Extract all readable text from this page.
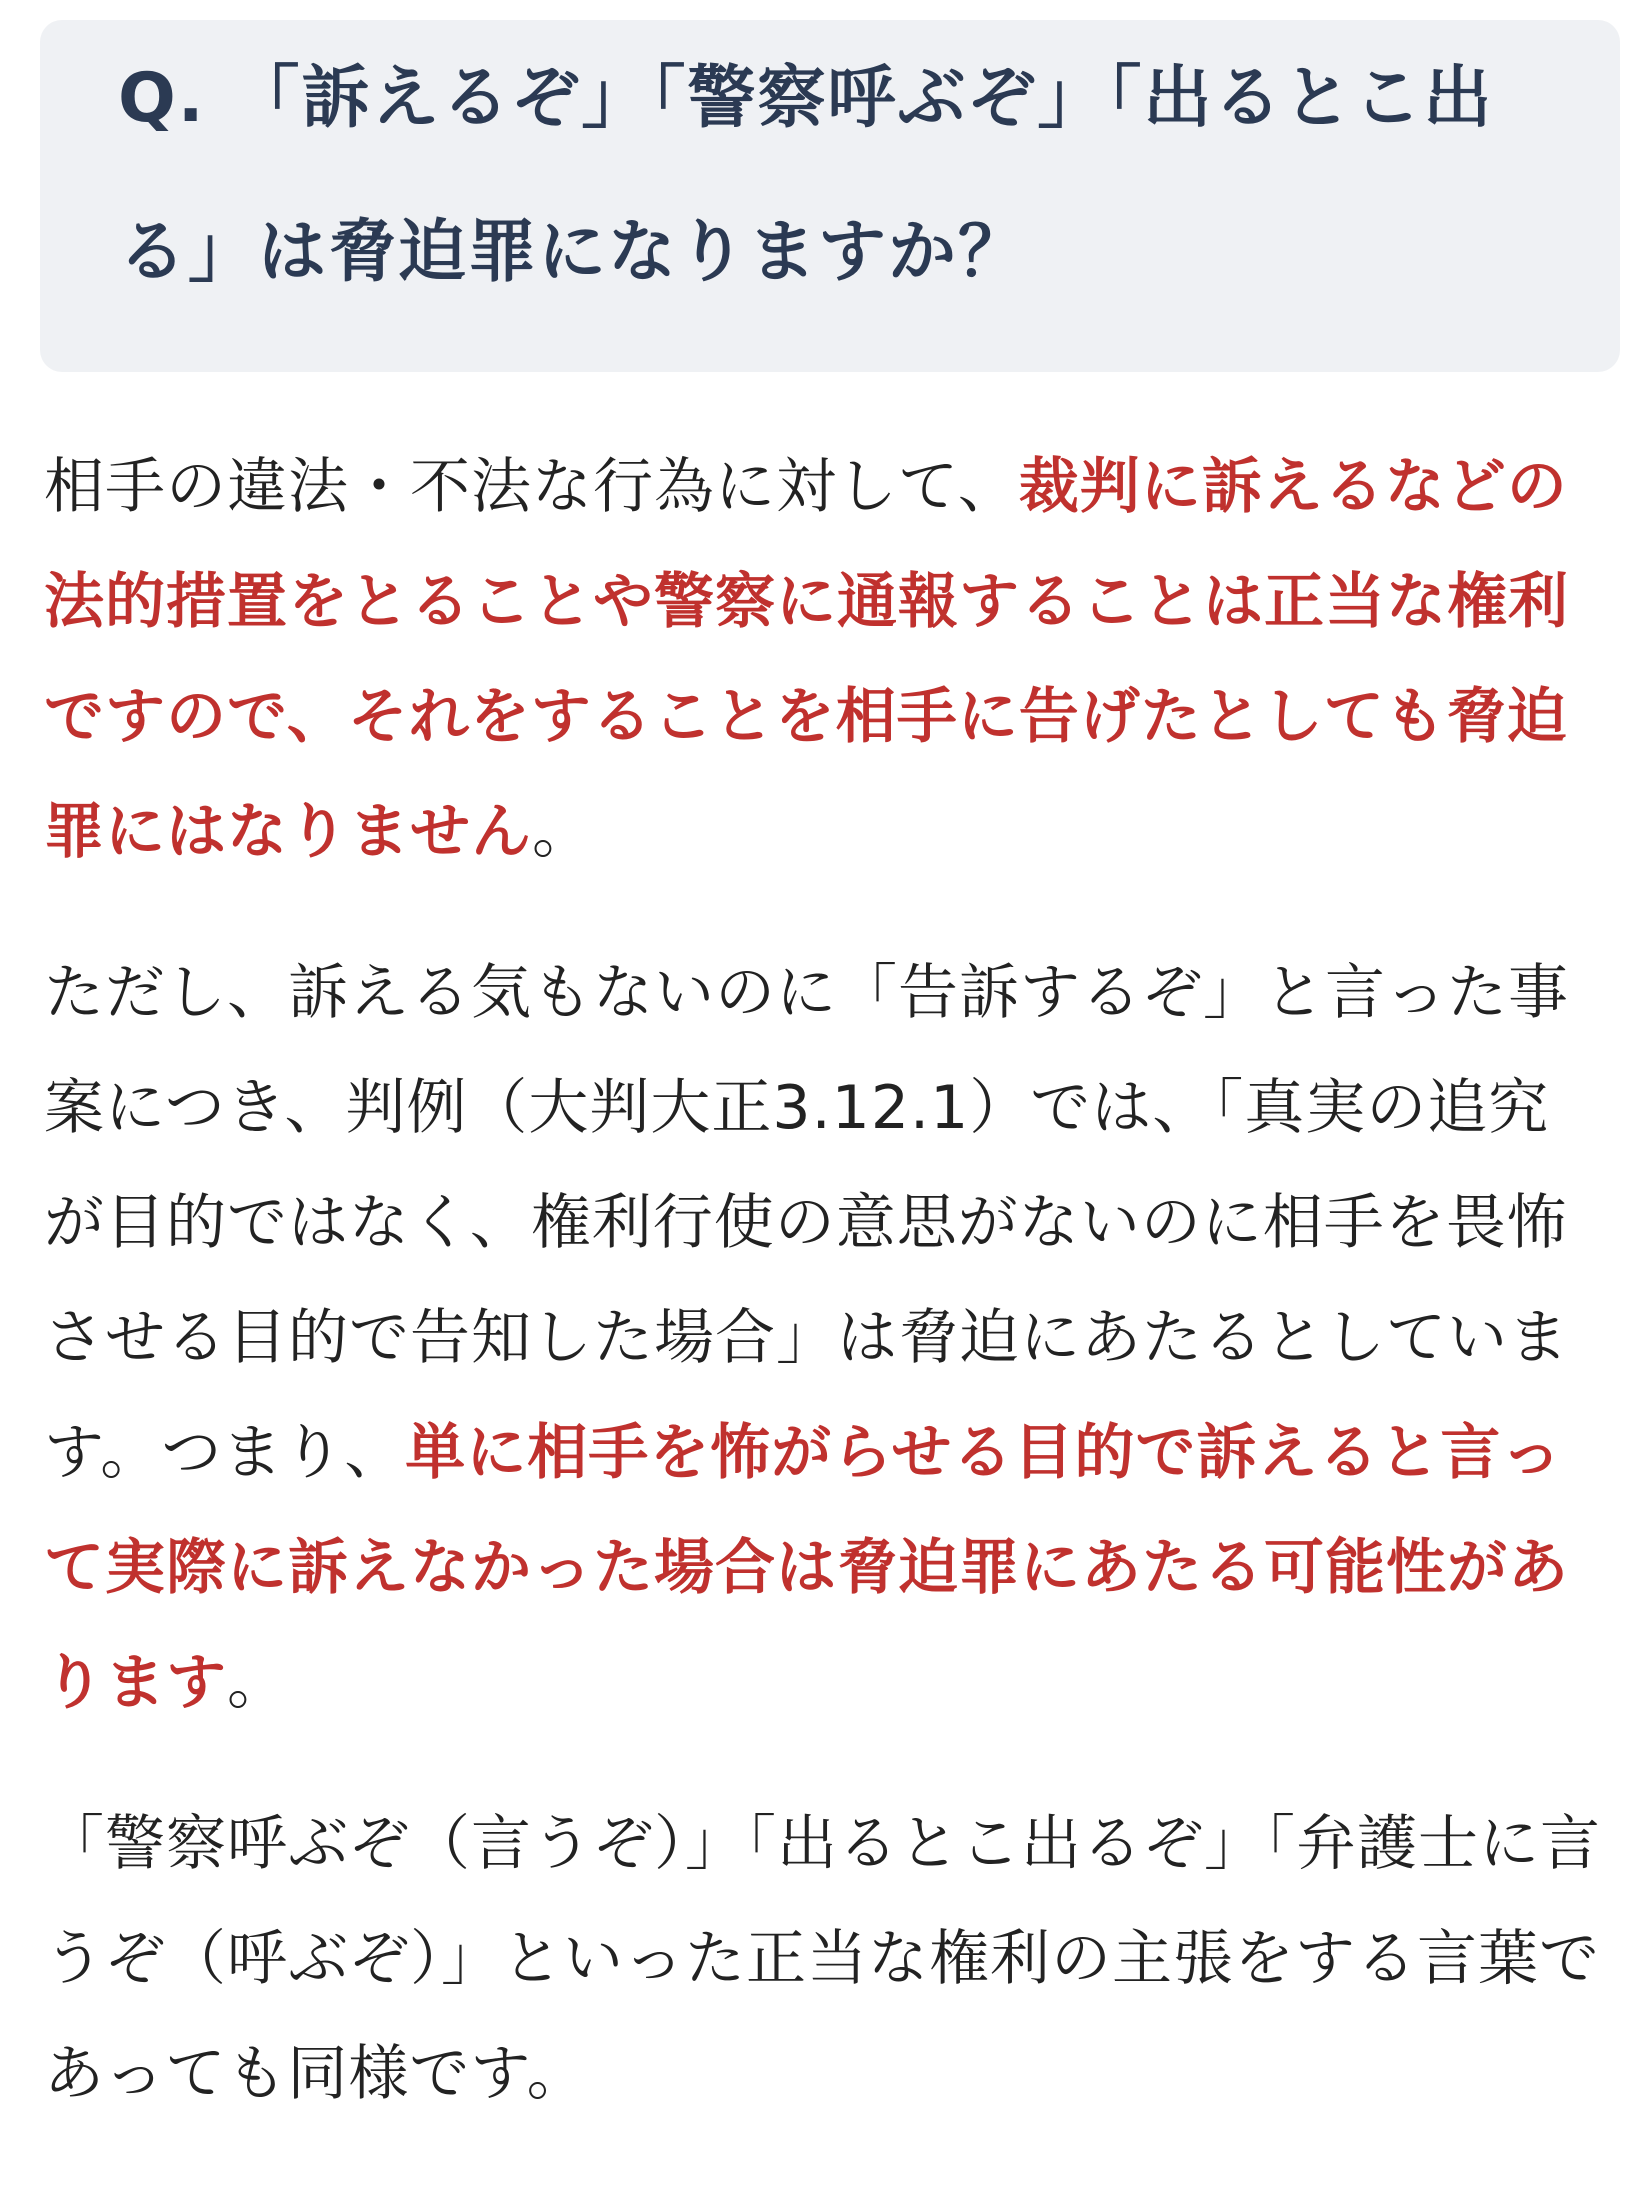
Q. 「訴えるぞ」「警察呼ぶぞ」「出るとこ出る」は脅迫罪になりますか？

相手の違法・不法な行為に対して、裁判に訴えるなどの法的措置をとることや警察に通報することは正当な権利ですので、それをすることを相手に告げたとしても脅迫罪にはなりません。

ただし、訴える気もないのに「告訴するぞ」と言った事案につき、判例（大判大正3.12.1）では、「真実の追究が目的ではなく、権利行使の意思がないのに相手を畏怖させる目的で告知した場合」は脅迫にあたるとしています。つまり、単に相手を怖がらせる目的で訴えると言って実際に訴えなかった場合は脅迫罪にあたる可能性があります。

「警察呼ぶぞ（言うぞ）」「出るとこ出るぞ」「弁護士に言うぞ（呼ぶぞ）」といった正当な権利の主張をする言葉であっても同様です。
